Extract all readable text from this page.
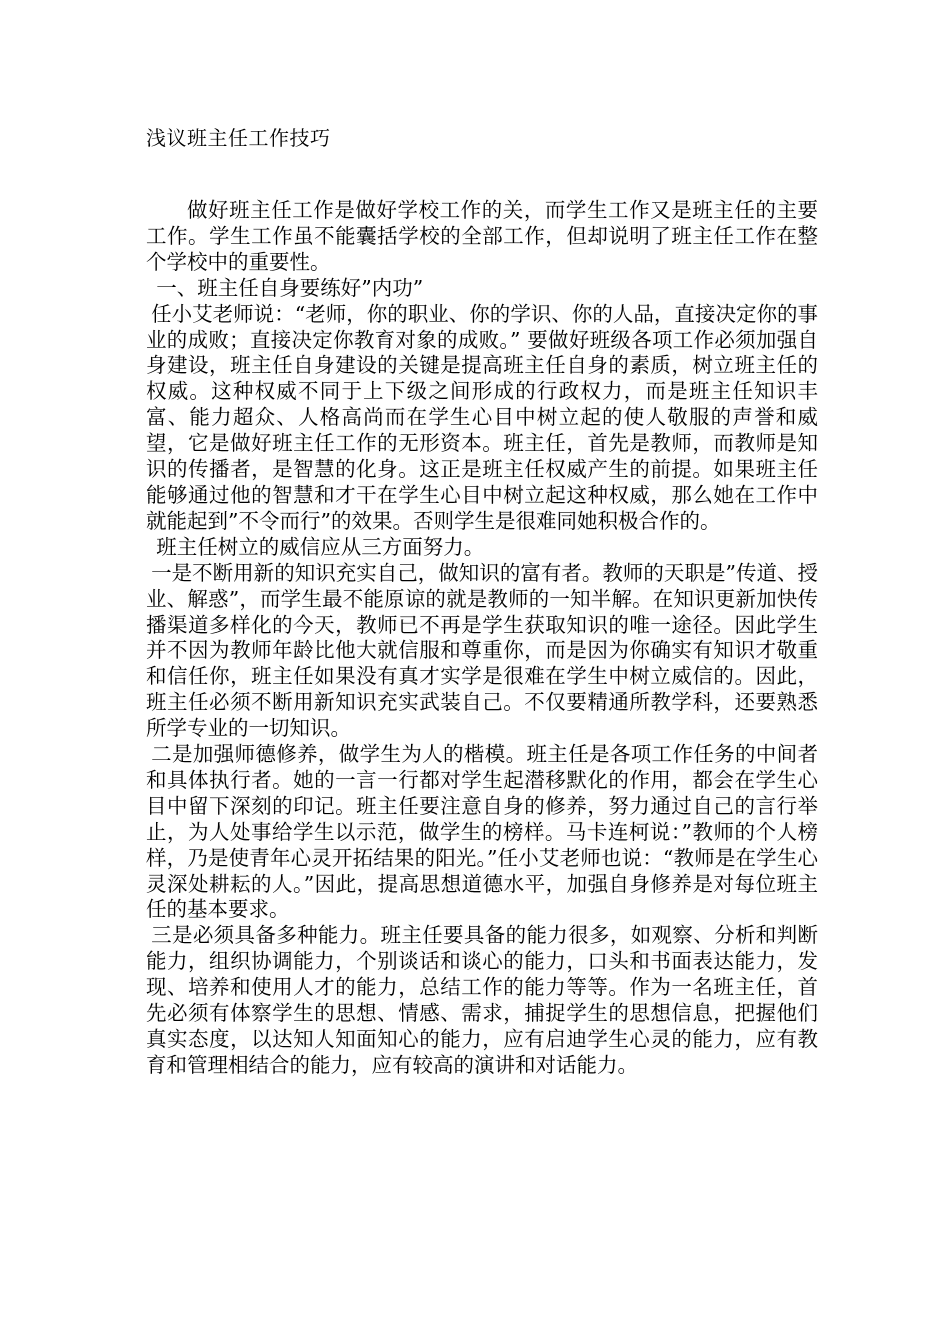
浅议班主任工作技巧

做好班主任工作是做好学校工作的关，而学生工作又是班主任的主要工作。学生工作虽不能囊括学校的全部工作，但却说明了班主任工作在整个学校中的重要性。

一、班主任自身要练好”内功”

任小艾老师说：“老师，你的职业、你的学识、你的人品，直接决定你的事业的成败；直接决定你教育对象的成败。” 要做好班级各项工作必须加强自身建设，班主任自身建设的关键是提高班主任自身的素质，树立班主任的权威。这种权威不同于上下级之间形成的行政权力，而是班主任知识丰富、能力超众、人格高尚而在学生心目中树立起的使人敬服的声誉和威望，它是做好班主任工作的无形资本。班主任，首先是教师，而教师是知识的传播者，是智慧的化身。这正是班主任权威产生的前提。如果班主任能够通过他的智慧和才干在学生心目中树立起这种权威，那么她在工作中就能起到”不令而行”的效果。否则学生是很难同她积极合作的。

班主任树立的威信应从三方面努力。

一是不断用新的知识充实自己，做知识的富有者。教师的天职是”传道、授业、解惑”，而学生最不能原谅的就是教师的一知半解。在知识更新加快传播渠道多样化的今天，教师已不再是学生获取知识的唯一途径。因此学生并不因为教师年龄比他大就信服和尊重你，而是因为你确实有知识才敬重和信任你，班主任如果没有真才实学是很难在学生中树立威信的。因此，班主任必须不断用新知识充实武装自己。不仅要精通所教学科，还要熟悉所学专业的一切知识。

二是加强师德修养，做学生为人的楷模。班主任是各项工作任务的中间者和具体执行者。她的一言一行都对学生起潜移默化的作用，都会在学生心目中留下深刻的印记。班主任要注意自身的修养，努力通过自己的言行举止，为人处事给学生以示范，做学生的榜样。马卡连柯说：”教师的个人榜样，乃是使青年心灵开拓结果的阳光。”任小艾老师也说：“教师是在学生心灵深处耕耘的人。”因此，提高思想道德水平，加强自身修养是对每位班主任的基本要求。

三是必须具备多种能力。班主任要具备的能力很多，如观察、分析和判断能力，组织协调能力，个别谈话和谈心的能力，口头和书面表达能力，发现、培养和使用人才的能力，总结工作的能力等等。作为一名班主任，首先必须有体察学生的思想、情感、需求，捕捉学生的思想信息，把握他们真实态度，以达知人知面知心的能力，应有启迪学生心灵的能力，应有教育和管理相结合的能力，应有较高的演讲和对话能力。
